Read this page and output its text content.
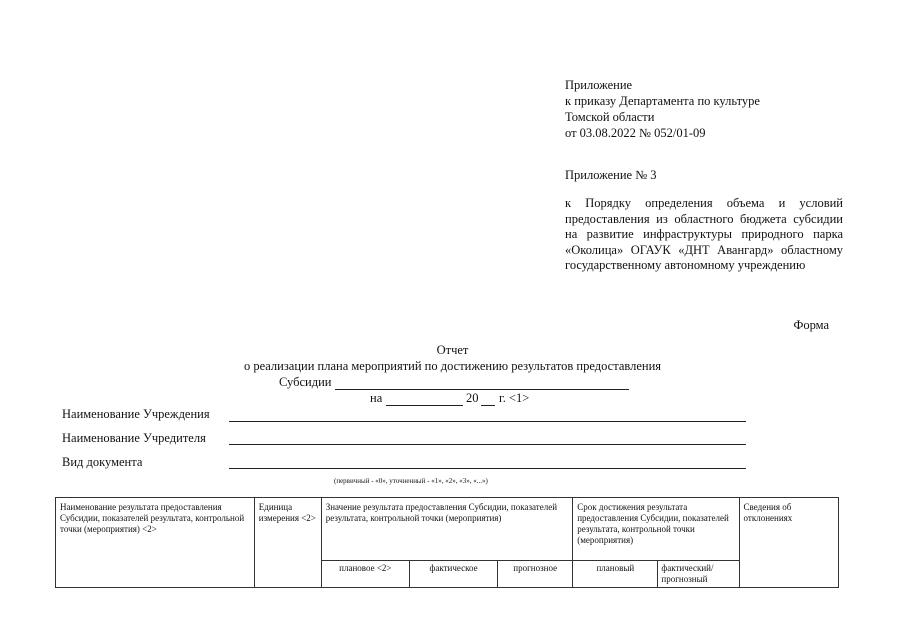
Приложение
к приказу Департамента по культуре
Томской области
от 03.08.2022 № 052/01-09
Приложение № 3
к Порядку определения объема и условий предоставления из областного бюджета субсидии на развитие инфраструктуры природного парка «Околица» ОГАУК «ДНТ Авангард» областному государственному автономному учреждению
Форма
Отчет
о реализации плана мероприятий по достижению результатов предоставления
Субсидии
на	20 г. <1>
Наименование Учреждения
Наименование Учредителя
Вид документа
(первичный - «0», уточненный - «1», «2», «3», «...»)
Наименование результата предоставления Субсидии, показателей результата, контрольной точки (мероприятия) <2>	Единица измерения <2>	Значение результата предоставления Субсидии, показателей результата, контрольной точки (мероприятия)			Срок достижения результата предоставления Субсидии, показателей результата, контрольной точки (мероприятия)		Сведения об отклонениях
		плановое <2>	фактическое	прогнозное	плановый	фактический/ прогнозный	
